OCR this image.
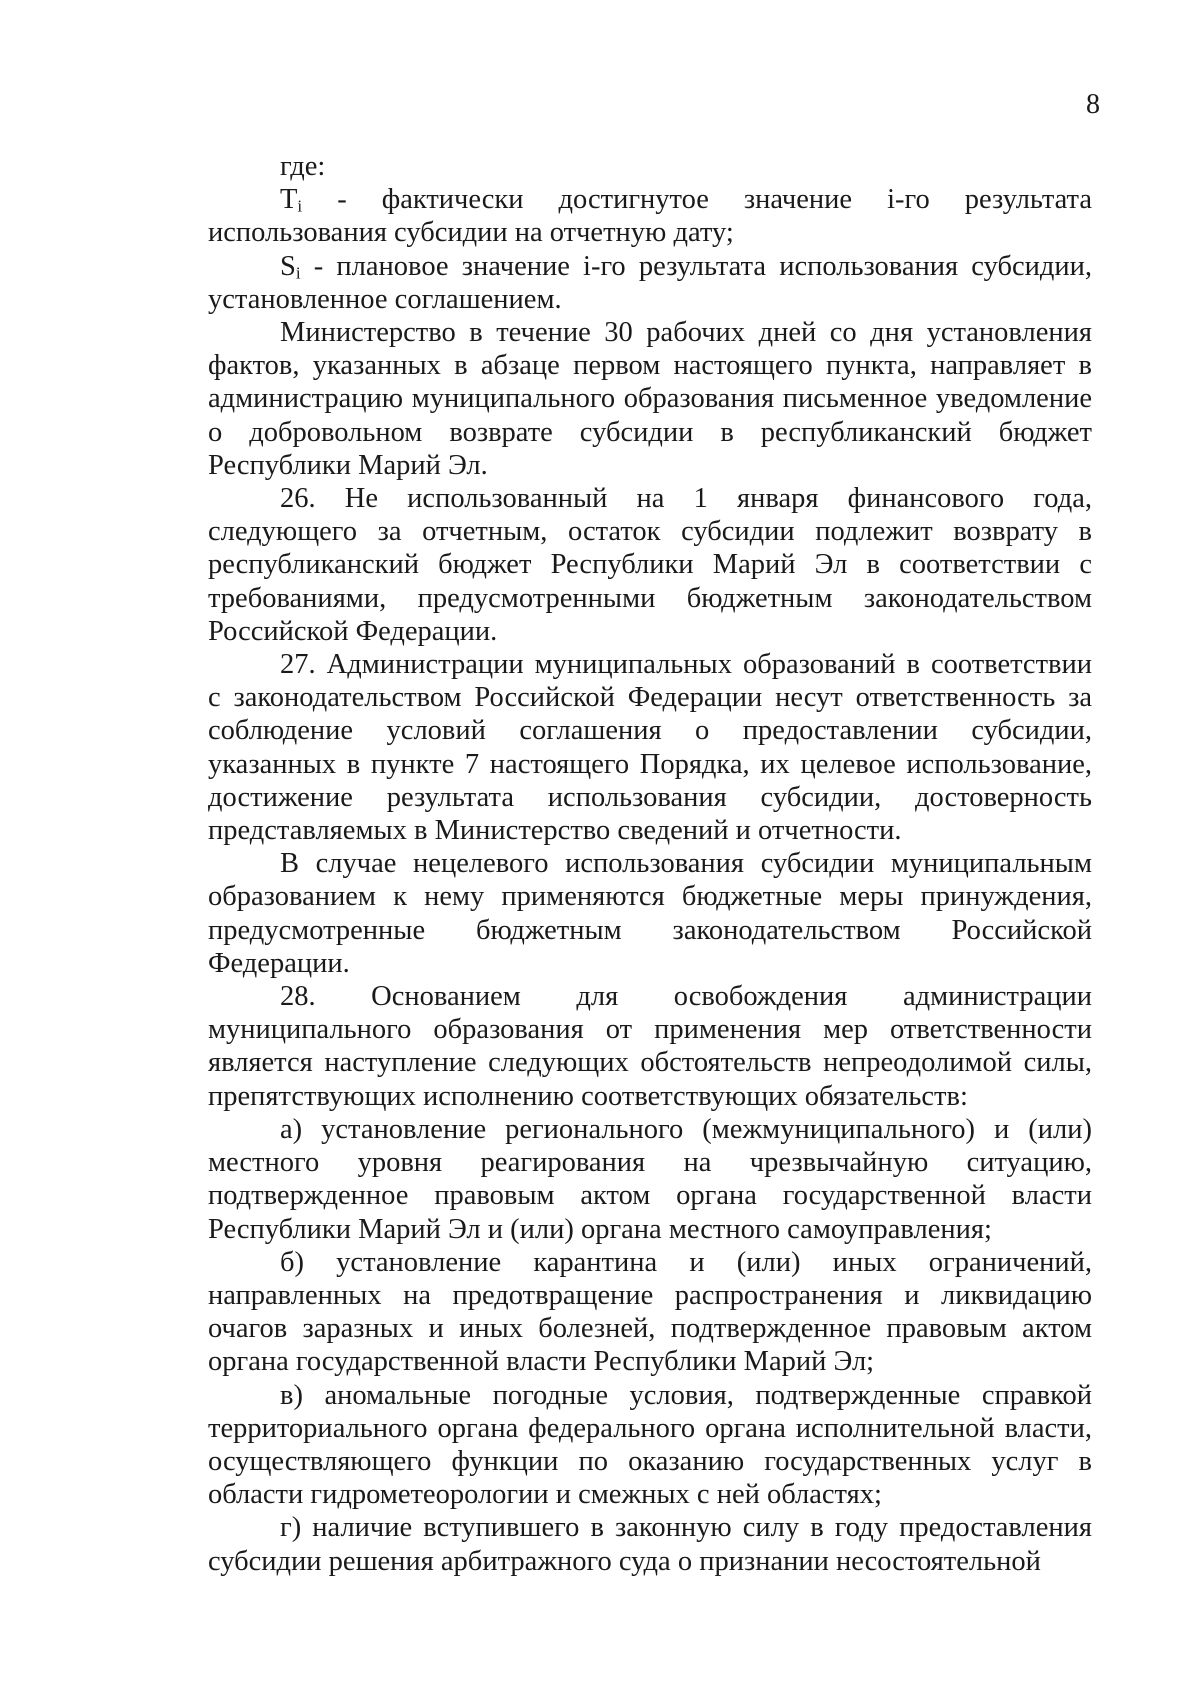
8

где:

$T_i$ - фактически достигнутое значение i-го результата использования субсидии на отчетную дату;

$S_i$ - плановое значение i-го результата использования субсидии, установленное соглашением.

Министерство в течение 30 рабочих дней со дня установления фактов, указанных в абзаце первом настоящего пункта, направляет в администрацию муниципального образования письменное уведомление о добровольном возврате субсидии в республиканский бюджет Республики Марий Эл.

26. Не использованный на 1 января финансового года, следующего за отчетным, остаток субсидии подлежит возврату в республиканский бюджет Республики Марий Эл в соответствии с требованиями, предусмотренными бюджетным законодательством Российской Федерации.

27. Администрации муниципальных образований в соответствии с законодательством Российской Федерации несут ответственность за соблюдение условий соглашения о предоставлении субсидии, указанных в пункте 7 настоящего Порядка, их целевое использование, достижение результата использования субсидии, достоверность представляемых в Министерство сведений и отчетности.

В случае нецелевого использования субсидии муниципальным образованием к нему применяются бюджетные меры принуждения, предусмотренные бюджетным законодательством Российской Федерации.

28. Основанием для освобождения администрации муниципального образования от применения мер ответственности является наступление следующих обстоятельств непреодолимой силы, препятствующих исполнению соответствующих обязательств:

а) установление регионального (межмуниципального) и (или) местного уровня реагирования на чрезвычайную ситуацию, подтвержденное правовым актом органа государственной власти Республики Марий Эл и (или) органа местного самоуправления;

б) установление карантина и (или) иных ограничений, направленных на предотвращение распространения и ликвидацию очагов заразных и иных болезней, подтвержденное правовым актом органа государственной власти Республики Марий Эл;

в) аномальные погодные условия, подтвержденные справкой территориального органа федерального органа исполнительной власти, осуществляющего функции по оказанию государственных услуг в области гидрометеорологии и смежных с ней областях;

г) наличие вступившего в законную силу в году предоставления субсидии решения арбитражного суда о признании несостоятельной
